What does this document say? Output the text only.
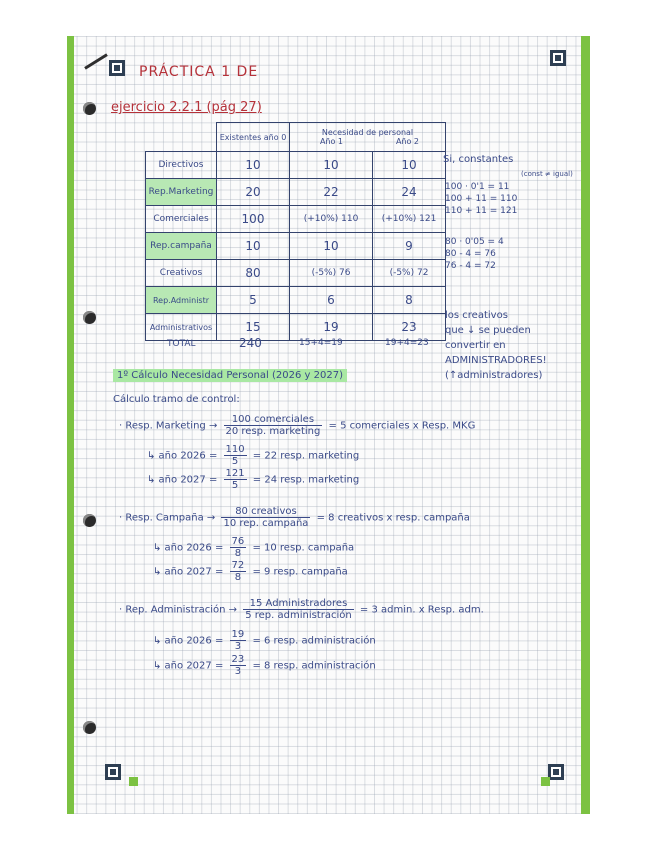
PRÁCTICA 1 DE
ejercicio 2.2.1 (pág 27)
	Existentes año 0	Necesidad de personal
Año 1 Año 2	
Directivos	10	10	10
Rep.Marketing	20	22	24
Comerciales	100	(+10%) 110	(+10%) 121
Rep.campaña	10	10	9
Creativos	80	(-5%) 76	(-5%) 72
Rep.Administr	5	6	8
Administrativos	15	19	23
TOTAL	240	15+4=19	19+4=23
Si, constantes
(const ≠ igual)
100 · 0'1 = 11
100 + 11 = 110
110 + 11 = 121
80 · 0'05 = 4
80 - 4 = 76
76 - 4 = 72
los creativos
que ↓ se pueden
convertir en
ADMINISTRADORES!
(↑administradores)
1º Cálculo Necesidad Personal (2026 y 2027)
Cálculo tramo de control:
· Resp. Marketing → $\frac{\text{100 comerciales}}{\text{20 resp. marketing}} = 5$ comerciales x Resp. MKG
↳ año $2026 = \frac{110}{5} = 22$ resp. marketing
↳ año $2027 = \frac{121}{5} = 24$ resp. marketing
· Resp. Campaña → $\frac{\text{80 creativos}}{\text{10 rep. campaña}} = 8$ creativos x resp. campaña
↳ año $2026 = \frac{76}{8} = 10$ resp. campaña
↳ año $2027 = \frac{72}{8} = 9$ resp. campaña
· Rep. Administración → $\frac{\text{15 Administradores}}{\text{5 rep. administración}} = 3$ admin. x Resp. adm.
↳ año $2026 = \frac{19}{3} = 6$ resp. administración
↳ año $2027 = \frac{23}{3} = 8$ resp. administración
